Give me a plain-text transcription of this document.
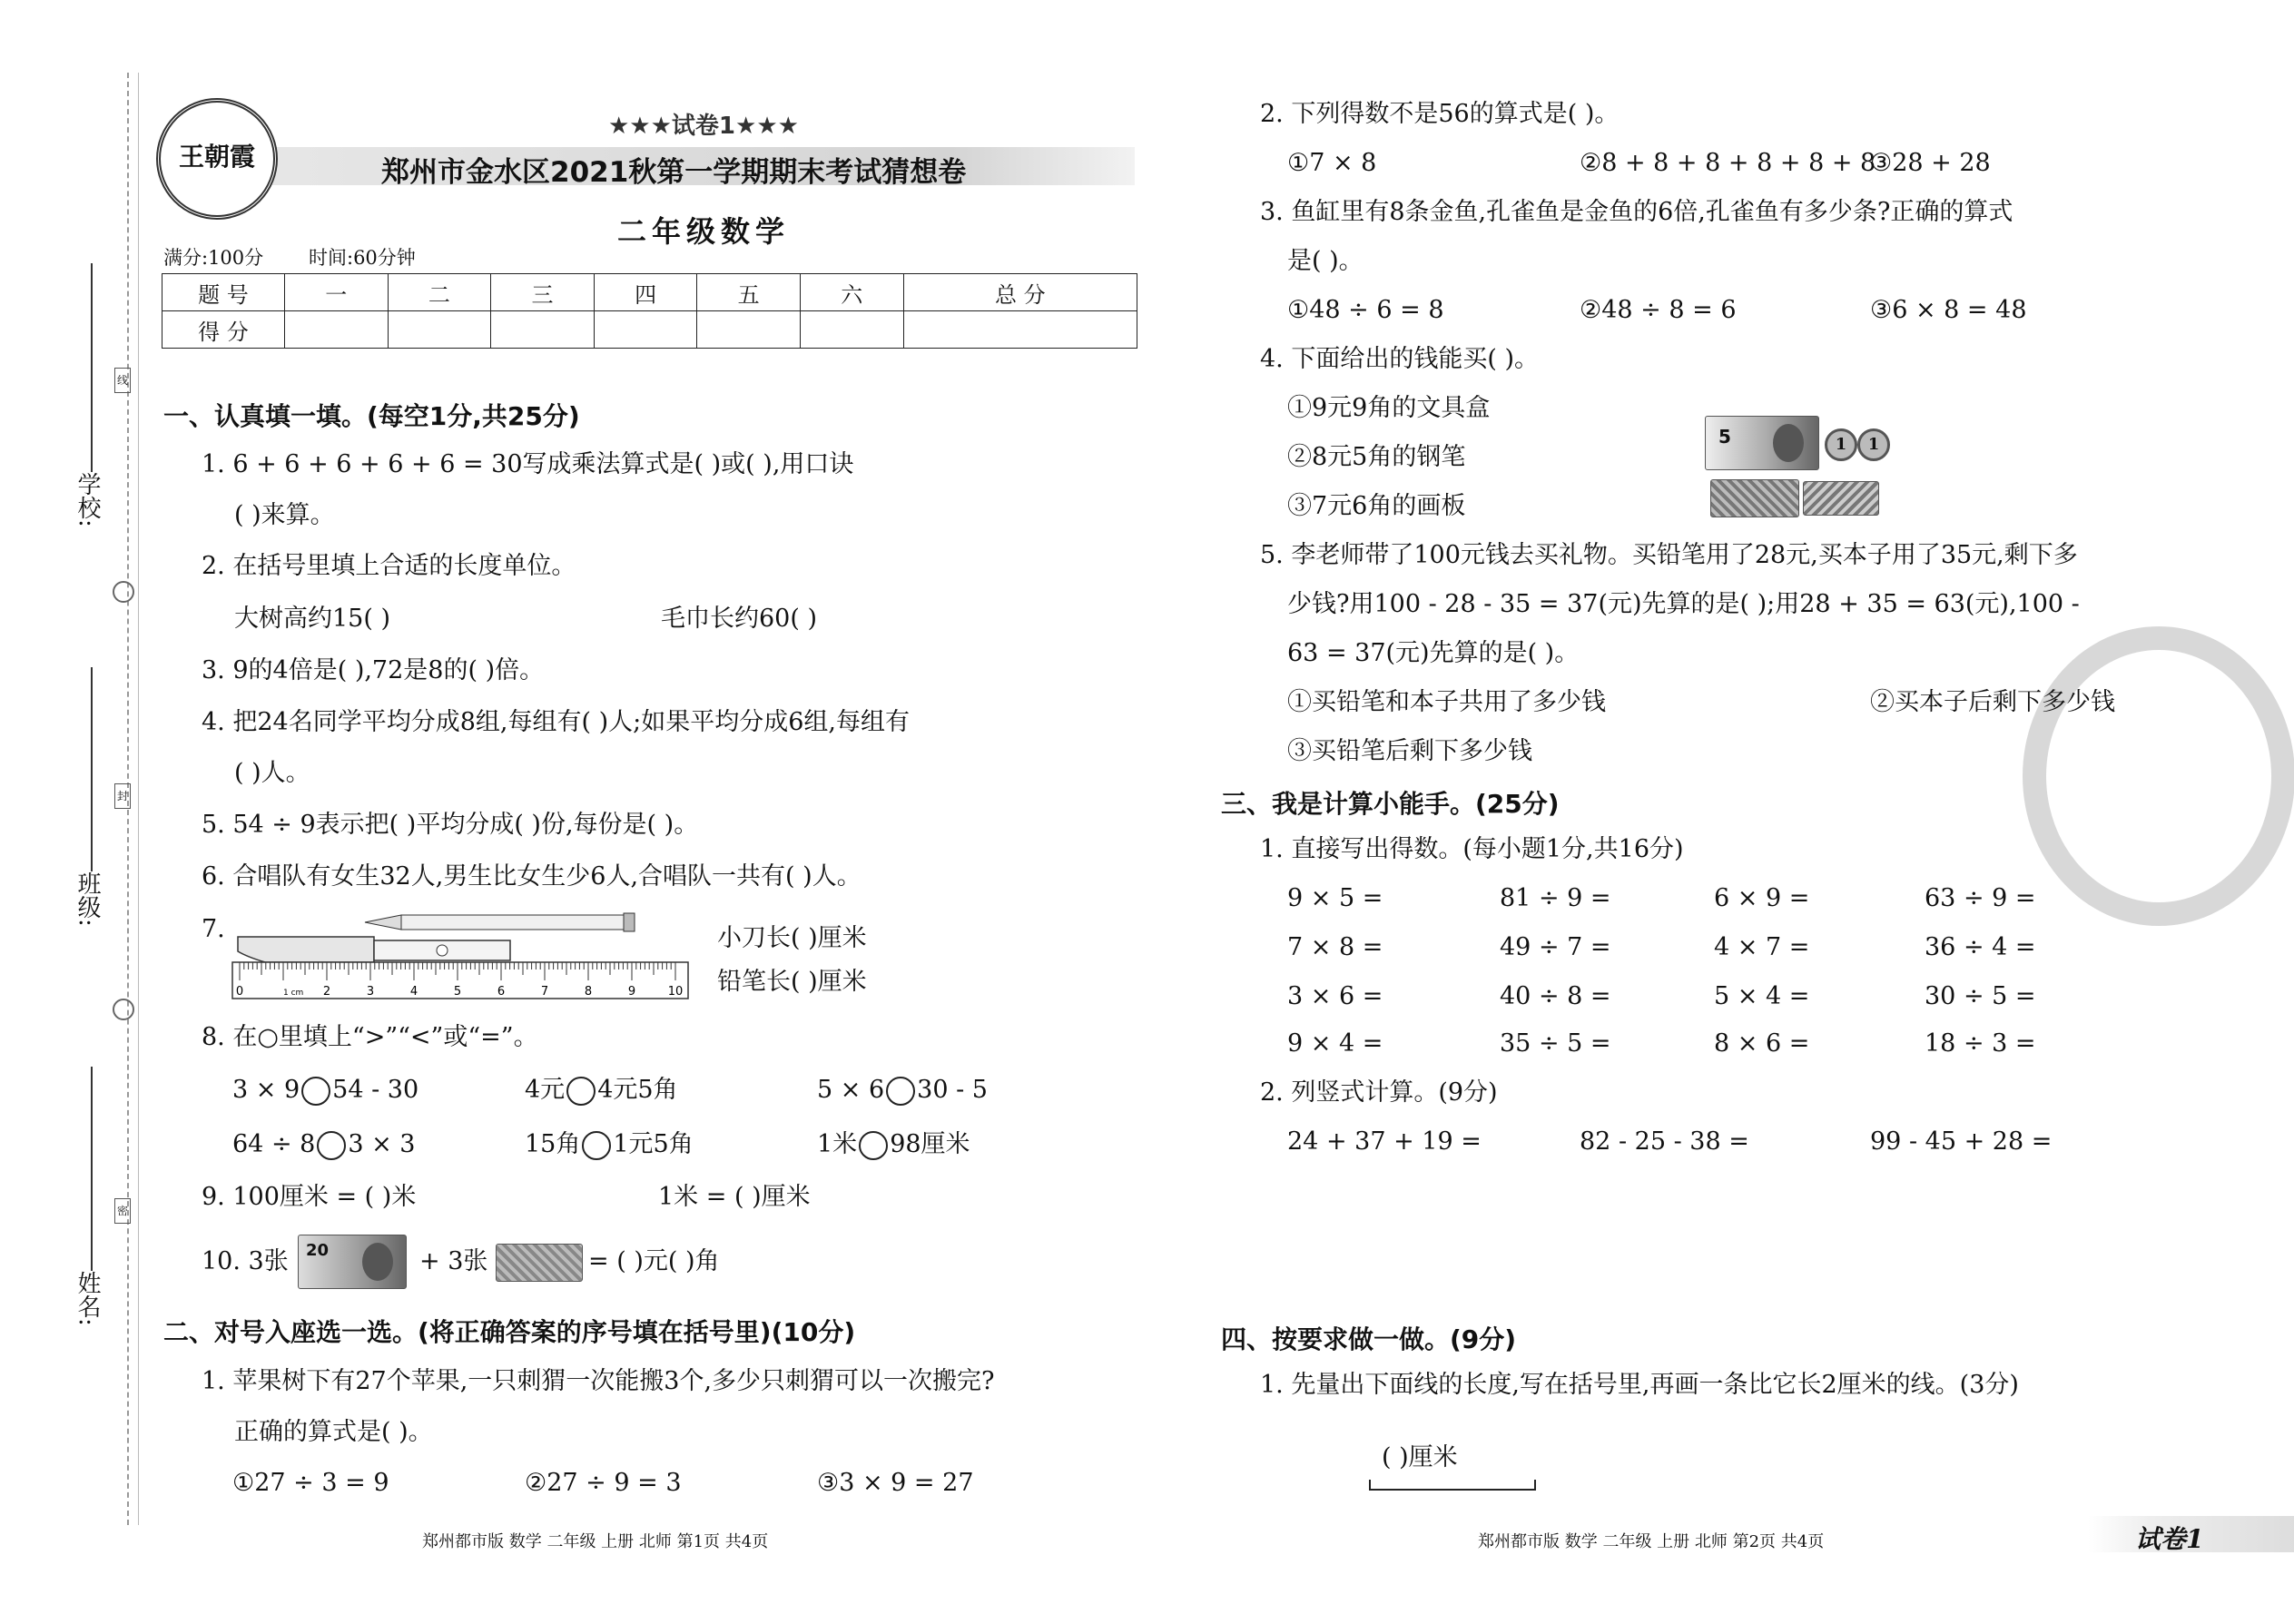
学校:
班级:
姓名:
线
封
密
王朝霞
★★★试卷1★★★
郑州市金水区2021秋第一学期期末考试猜想卷
二年级数学
满分:100分 时间:60分钟
题 号	一	二	三	四	五	六	总 分
得 分							
一、认真填一填。(每空1分,共25分)
1. 6 + 6 + 6 + 6 + 6 = 30写成乘法算式是( )或( ),用口诀
( )来算。
2. 在括号里填上合适的长度单位。
大树高约15( )	毛巾长约60( )
3. 9的4倍是( ),72是8的( )倍。
4. 把24名同学平均分成8组,每组有( )人;如果平均分成6组,每组有
( )人。
5. 54 ÷ 9表示把( )平均分成( )份,每份是( )。
6. 合唱队有女生32人,男生比女生少6人,合唱队一共有( )人。
7.
0	1 cm 2	3	4	5	6	7	8	9	10
小刀长( )厘米
铅笔长( )厘米
8. 在○里填上“>”“<”或“=”。
3 × 9 54 - 30	4元 4元5角	5 × 6 30 - 5
64 ÷ 8 3 × 3	15角 1元5角	1米 98厘米
9. 100厘米 = ( )米	1米 = ( )厘米
10. 3张 20	+ 3张	= ( )元( )角
二、对号入座选一选。(将正确答案的序号填在括号里)(10分)
1. 苹果树下有27个苹果,一只刺猬一次能搬3个,多少只刺猬可以一次搬完?
正确的算式是( )。
①27 ÷ 3 = 9	②27 ÷ 9 = 3	③3 × 9 = 27
郑州都市版 数学 二年级 上册 北师 第1页 共4页
2. 下列得数不是56的算式是( )。
①7 × 8	②8 + 8 + 8 + 8 + 8 + 8
③28 + 28
3. 鱼缸里有8条金鱼,孔雀鱼是金鱼的6倍,孔雀鱼有多少条?正确的算式
是( )。
①48 ÷ 6 = 8	②48 ÷ 8 = 6	③6 × 8 = 48
4. 下面给出的钱能买( )。
①9元9角的文具盒
②8元5角的钢笔
③7元6角的画板
5	1	1
5. 李老师带了100元钱去买礼物。买铅笔用了28元,买本子用了35元,剩下多
少钱?用100 - 28 - 35 = 37(元)先算的是( );用28 + 35 = 63(元),100 -
63 = 37(元)先算的是( )。
①买铅笔和本子共用了多少钱	②买本子后剩下多少钱
③买铅笔后剩下多少钱
三、我是计算小能手。(25分)
1. 直接写出得数。(每小题1分,共16分)
9 × 5 =	81 ÷ 9 =	6 × 9 =	63 ÷ 9 =
7 × 8 =	49 ÷ 7 =	4 × 7 =	36 ÷ 4 =
3 × 6 =	40 ÷ 8 =	5 × 4 =	30 ÷ 5 =
9 × 4 =	35 ÷ 5 =	8 × 6 =	18 ÷ 3 =
2. 列竖式计算。(9分)
24 + 37 + 19 =	82 - 25 - 38 =	99 - 45 + 28 =
四、按要求做一做。(9分)
1. 先量出下面线的长度,写在括号里,再画一条比它长2厘米的线。(3分)
( )厘米
郑州都市版 数学 二年级 上册 北师 第2页 共4页	试卷1
